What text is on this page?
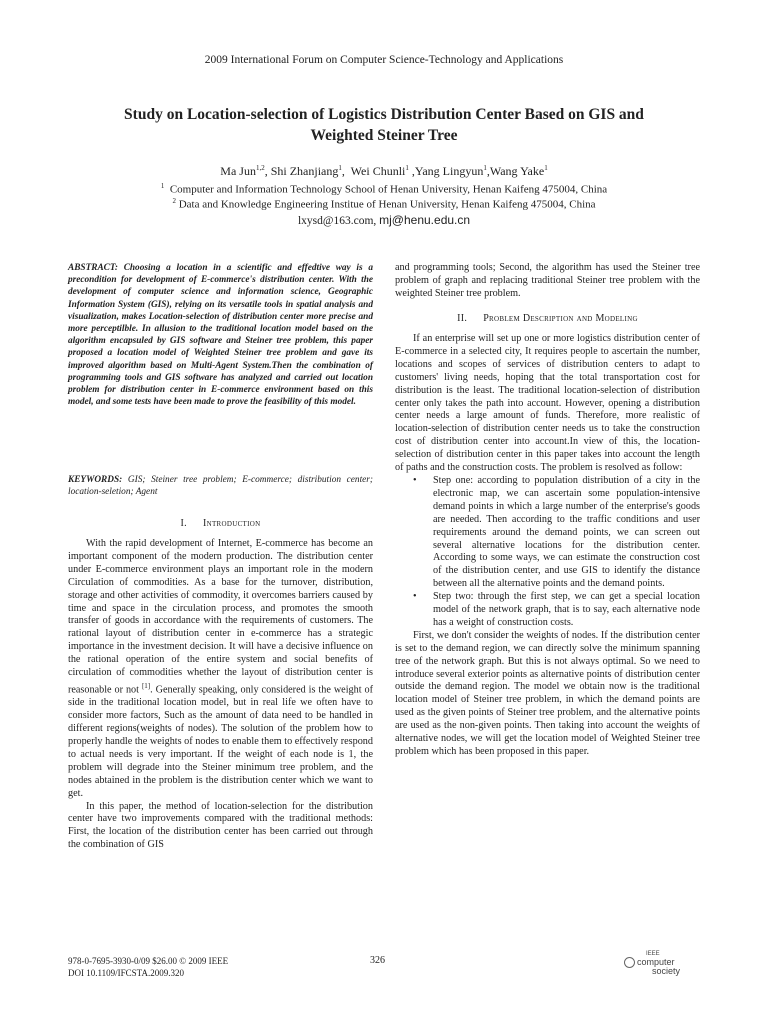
2009 International Forum on Computer Science-Technology and Applications
Study on Location-selection of Logistics Distribution Center Based on GIS and
Weighted Steiner Tree
Ma Jun$^{1,2}$, Shi Zhanjiang$^1$,  Wei Chunli$^1$ ,Yang Lingyun$^1$,Wang Yake$^1$
$^1$ Computer and Information Technology School of Henan University, Henan Kaifeng 475004, China
$^2$ Data and Knowledge Engineering Institue of Henan University, Henan Kaifeng 475004, China
lxysd@163.com, mj@henu.edu.cn
ABSTRACT: Choosing a location in a scientific and effedtive way is a precondition for development of E-commerce's distribution center. With the development of computer science and information science, Geographic Information System (GIS), relying on its versatile tools in spatial analysis and visualization, makes Location-selection of distribution center more precise and more perceptilble. In allusion to the traditional location model based on the algorithm encapsuled by GIS software and Steiner tree problem, this paper proposed a location model of Weighted Steiner tree problem and gave its improved algorithm based on Multi-Agent System.Then the combination of programming tools and GIS software has analyzed and carried out location problem for distribution center in E-commerce environment based on this model, and some tests have been made to prove the feasibility of this model.
KEYWORDS: GIS; Steiner tree problem; E-commerce; distribution center; location-seletion; Agent
I. Introduction

With the rapid development of Internet, E-commerce has become an important component of the modern production. The distribution center under E-commerce environment plays an important role in the modern Circulation of commodities. As a base for the turnover, distribution, storage and other activities of commodity, it overcomes barriers caused by time and space in the circulation process, and promotes the smooth transfer of goods in accordance with the requirements of customers. The rational layout of distribution center in e-commerce has a strategic importance in the investment decision. It will have a decisive influence on the rational operation of the entire system and social benefits of circulation of commodities whether the layout of distribution center is reasonable or not [1]. Generally speaking, only considered is the weight of side in the traditional location model, but in real life we often have to consider more factors, Such as the amount of data need to be handled in different regions(weights of nodes). The solution of the problem how to properly handle the weights of nodes to enable them to effectively respond to actual needs is very important. If the weight of each node is 1, the problem will degrade into the Steiner minimum tree problem, and the nodes abtained in the problem is the distribution center which we want to get.

In this paper, the method of location-selection for the distribution center have two improvements compared with the traditional methods: First, the location of the distribution center has been carried out through the combination of GIS

and programming tools; Second, the algorithm has used the Steiner tree problem of graph and replacing traditional Steiner tree problem with the weighted Steiner tree problem.
II. Problem Description and Modeling

If an enterprise will set up one or more logistics distribution center of E-commerce in a selected city, It requires people to ascertain the number, locations and scopes of services of distribution centers to adapt to customers' living needs, hoping that the total transportation cost for distribution is the least. The traditional location-selection of distribution center only takes the path into account. However, opening a distribution center needs a large amount of funds. Therefore, more realistic of location-selection of distribution center needs us to take the construction cost of distribution center into account.In view of this, the location-selection of distribution center in this paper takes into account the length of paths and the construction costs. The problem is resolved as follow:

• Step one: according to population distribution of a city in the electronic map, we can ascertain some population-intensive demand points in which a large number of the enterprise's goods are needed. Then according to the traffic conditions and user requirements around the demand points, we can screen out several alternative locations for the distribution center. According to some ways, we can estimate the construction cost of the distribution center, and use GIS to identify the distance between all the alternative points and the demand points.
• Step two: through the first step, we can get a special location model of the network graph, that is to say, each alternative node has a weight of construction costs.

First, we don't consider the weights of nodes. If the distribution center is set to the demand region, we can directly solve the minimum spanning tree of the network graph. But this is not always optimal. So we need to introduce several exterior points as alternative points of distribution center outside the demand region. The model we obtain now is the traditional location model of Steiner tree problem, in which the demand points are used as the given points of Steiner tree problem, and the alternative points are used as the non-given points. Then taking into account the weights of alternative nodes, we will get the location model of Weighted Steiner tree problem which has been proposed in this paper.

978-0-7695-3930-0/09 $26.00 © 2009 IEEE
DOI 10.1109/IFCSTA.2009.320
326
IEEE
computer
society
